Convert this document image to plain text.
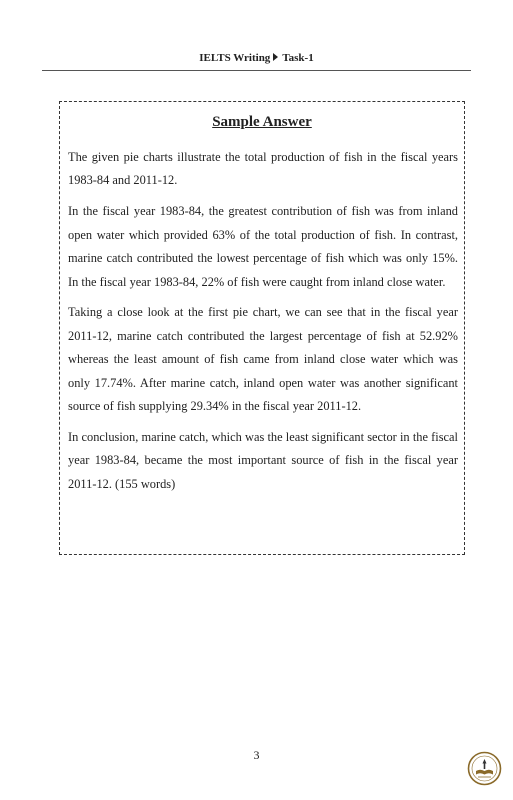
IELTS Writing Task-1
Sample Answer

The given pie charts illustrate the total production of fish in the fiscal years 1983-84 and 2011-12.

In the fiscal year 1983-84, the greatest contribution of fish was from inland open water which provided 63% of the total production of fish. In contrast, marine catch contributed the lowest percentage of fish which was only 15%. In the fiscal year 1983-84, 22% of fish were caught from inland close water.

Taking a close look at the first pie chart, we can see that in the fiscal year 2011-12, marine catch contributed the largest percentage of fish at 52.92% whereas the least amount of fish came from inland close water which was only 17.74%. After marine catch, inland open water was another significant source of fish supplying 29.34% in the fiscal year 2011-12.

In conclusion, marine catch, which was the least significant sector in the fiscal year 1983-84, became the most important source of fish in the fiscal year 2011-12. (155 words)

3
